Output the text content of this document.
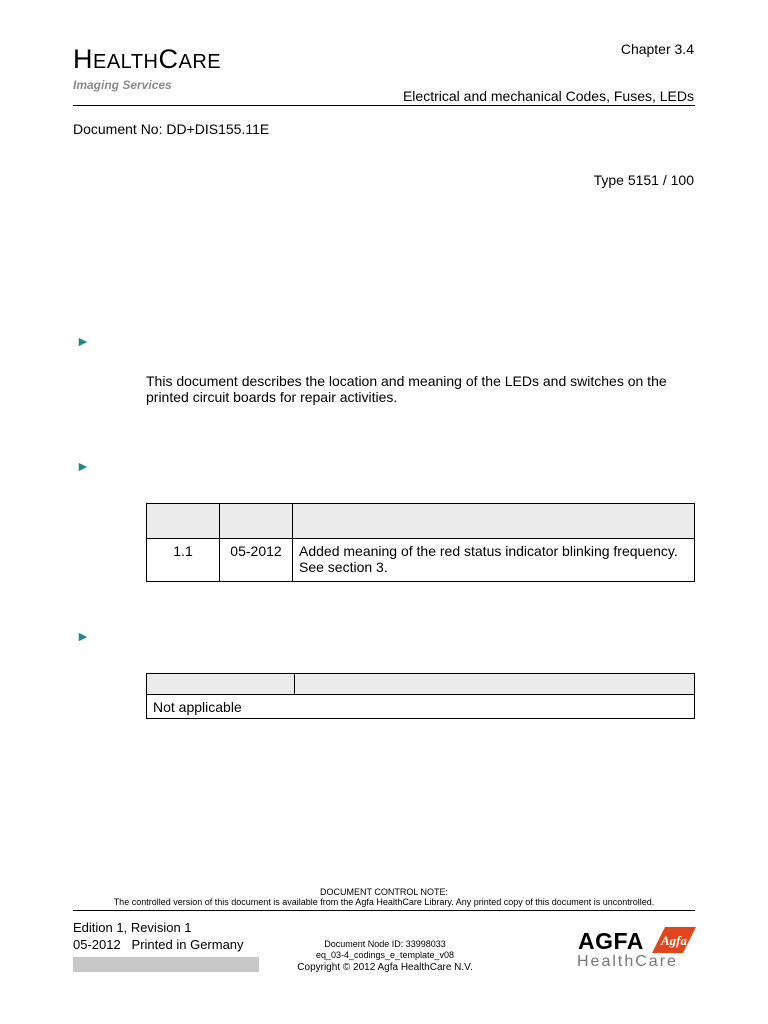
HEALTHCARE
Imaging Services
Chapter 3.4
Electrical and mechanical Codes, Fuses, LEDs
Document No: DD+DIS155.11E
Type 5151 / 100
►
This document describes the location and meaning of the LEDs and switches on the printed circuit boards for repair activities.
►

1.1	05-2012	Added meaning of the red status indicator blinking frequency. See section 3.
►

Not applicable
DOCUMENT CONTROL NOTE:
The controlled version of this document is available from the Agfa HealthCare Library. Any printed copy of this document is uncontrolled.
Edition 1, Revision 1
05-2012   Printed in Germany	Document Node ID: 33998033
eq_03-4_codings_e_template_v08
Copyright © 2012 Agfa HealthCare N.V.
AGFA Agfa
HealthCare
